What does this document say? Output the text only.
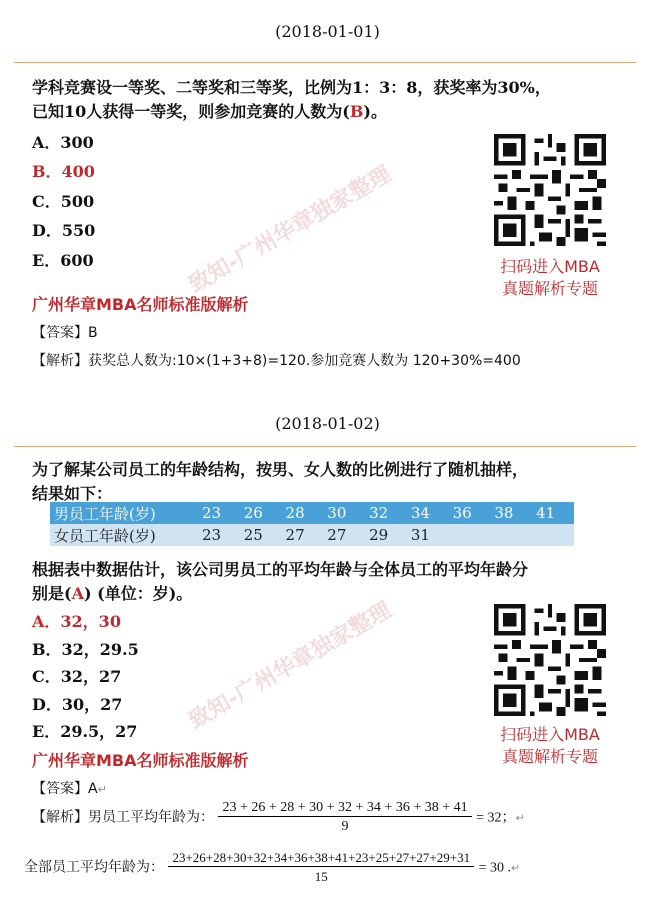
(2018-01-01)
学科竞赛设一等奖、二等奖和三等奖，比例为1：3：8，获奖率为30%，
已知10人获得一等奖，则参加竞赛的人数为(B)。
A．300
B．400
C．500
D．550
E．600	扫码进入MBA
真题解析专题
致知-广州华章独家整理
广州华章MBA名师标准版解析
【答案】B
【解析】获奖总人数为:10×(1+3+8)=120.参加竞赛人数为 120+30%=400
(2018-01-02)
为了解某公司员工的年龄结构，按男、女人数的比例进行了随机抽样，
结果如下：
男员工年龄(岁)	23	26	28	30	32	34	36	38	41
女员工年龄(岁)	23	25	27	27	29	31			
根据表中数据估计，该公司男员工的平均年龄与全体员工的平均年龄分
别是(A) (单位：岁)。
A．32，30
B．32，29.5
C．32，27
D．30，27
E．29.5，27	扫码进入MBA
真题解析专题
致知-广州华章独家整理
广州华章MBA名师标准版解析
【答案】A↵
【解析】男员工平均年龄为： $\frac{23 + 26 + 28 + 30 + 32 + 34 + 36 + 38 + 41}{9} = 32$；↵
全部员工平均年龄为： $\frac{23+26+28+30+32+34+36+38+41+23+25+27+27+29+31}{15} = 30$ .↵
